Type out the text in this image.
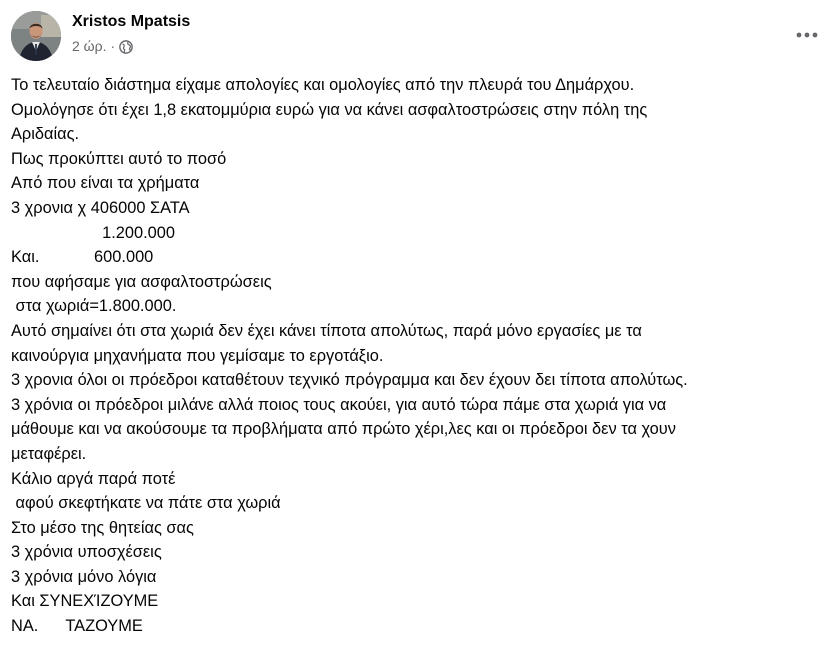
Xristos Mpatsis
2 ώρ. ·
Το τελευταίο διάστημα είχαμε απολογίες και ομολογίες από την πλευρά του Δημάρχου.
Ομολόγησε ότι έχει 1,8 εκατομμύρια ευρώ για να κάνει ασφαλτοστρώσεις στην πόλη της
Αριδαίας.
Πως προκύπτει αυτό το ποσό
Από που είναι τα χρήματα
3 χρονια χ 406000 ΣΑΤΑ
1.200.000
Και.            600.000
που αφήσαμε για ασφαλτοστρώσεις
στα χωριά=1.800.000.
Αυτό σημαίνει ότι στα χωριά δεν έχει κάνει τίποτα απολύτως, παρά μόνο εργασίες με τα
καινούργια μηχανήματα που γεμίσαμε το εργοτάξιο.
3 χρονια όλοι οι πρόεδροι καταθέτουν τεχνικό πρόγραμμα και δεν έχουν δει τίποτα απολύτως.
3 χρόνια οι πρόεδροι μιλάνε αλλά ποιος τους ακούει, για αυτό τώρα πάμε στα χωριά για να
μάθουμε και να ακούσουμε τα προβλήματα από πρώτο χέρι,λες και οι πρόεδροι δεν τα χουν
μεταφέρει.
Κάλιο αργά παρά ποτέ
αφού σκεφτήκατε να πάτε στα χωριά
Στο μέσο της θητείας σας
3 χρόνια υποσχέσεις
3 χρόνια μόνο λόγια
Και ΣΥΝΕΧΊΖΟΥΜΕ
ΝΑ.      ΤΑΖΟΥΜΕ
